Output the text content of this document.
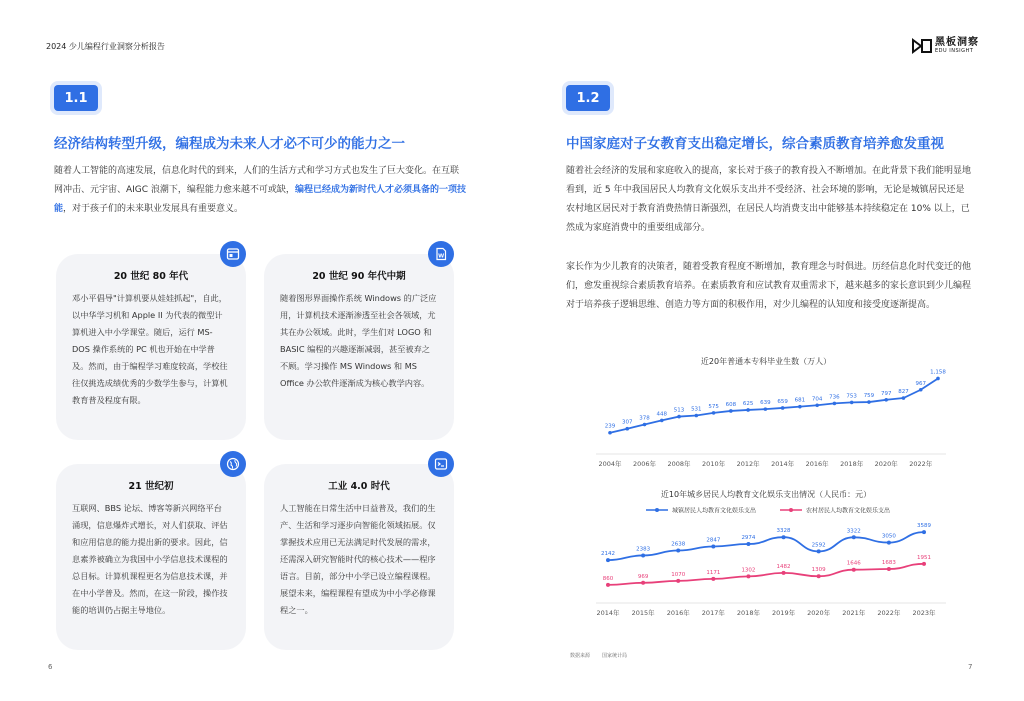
2024 少儿编程行业洞察分析报告	黑板洞察
EDU INSIGHT
1.1
经济结构转型升级，编程成为未来人才必不可少的能力之一
随着人工智能的高速发展，信息化时代的到来，人们的生活方式和学习方式也发生了巨大变化。在互联网冲击、元宇宙、AIGC 浪潮下，编程能力愈来越不可或缺，编程已经成为新时代人才必须具备的一项技能，对于孩子们的未来职业发展具有重要意义。
20 世纪 80 年代
邓小平倡导"计算机要从娃娃抓起"，自此，以中华学习机和 Apple II 为代表的微型计算机进入中小学课堂。随后，运行 MS-DOS 操作系统的 PC 机也开始在中学普及。然而，由于编程学习难度较高，学校往往仅挑选成绩优秀的少数学生参与，计算机教育普及程度有限。
20 世纪 90 年代中期
随着图形界面操作系统 Windows 的广泛应用，计算机技术逐渐渗透至社会各领域，尤其在办公领域。此时，学生们对 LOGO 和 BASIC 编程的兴趣逐渐减弱，甚至被弃之不顾。学习操作 MS Windows 和 MS Office 办公软件逐渐成为核心教学内容。
W
21 世纪初
互联网、BBS 论坛、博客等新兴网络平台涌现，信息爆炸式增长，对人们获取、评估和应用信息的能力提出新的要求。因此，信息素养被确立为我国中小学信息技术课程的总目标。计算机课程更名为信息技术课，并在中小学普及。然而，在这一阶段，操作技能的培训仍占据主导地位。
工业 4.0 时代
人工智能在日常生活中日益普及，我们的生产、生活和学习逐步向智能化领域拓展。仅掌握技术应用已无法满足时代发展的需求，还需深入研究智能时代的核心技术——程序语言。目前，部分中小学已设立编程课程。展望未来，编程课程有望成为中小学必修课程之一。
6
1.2
中国家庭对子女教育支出稳定增长，综合素质教育培养愈发重视
随着社会经济的发展和家庭收入的提高，家长对于孩子的教育投入不断增加。在此背景下我们能明显地看到，近 5 年中我国居民人均教育文化娱乐支出并不受经济、社会环境的影响，无论是城镇居民还是农村地区居民对于教育消费热情日渐强烈，在居民人均消费支出中能够基本持续稳定在 10% 以上，已然成为家庭消费中的重要组成部分。
家长作为少儿教育的决策者，随着受教育程度不断增加，教育理念与时俱进。历经信息化时代变迁的他们，愈发重视综合素质教育培养。在素质教育和应试教育双重需求下，越来越多的家长意识到少儿编程对于培养孩子逻辑思维、创造力等方面的积极作用，对少儿编程的认知度和接受度逐渐提高。
近20年普通本专科毕业生数（万人）
239
307
378
448
513 531 575 608 625 639 659 681 704 736 753 759 797 827
967
1,158
2004年 2006年 2008年 2010年 2012年 2014年 2016年 2018年 2020年 2022年
近10年城乡居民人均教育文化娱乐支出情况（人民币：元）
城镇居民人均教育文化娱乐支出	农村居民人均教育文化娱乐支出
2142
2383
2638
2847	2974
3328
2592
3322
3050
3589
860	969	1070	1171	1302
1482
1309
1646	1683
1951
2014年 2015年 2016年 2017年 2018年 2019年 2020年 2021年 2022年 2023年
数据来源 国家统计局
7
